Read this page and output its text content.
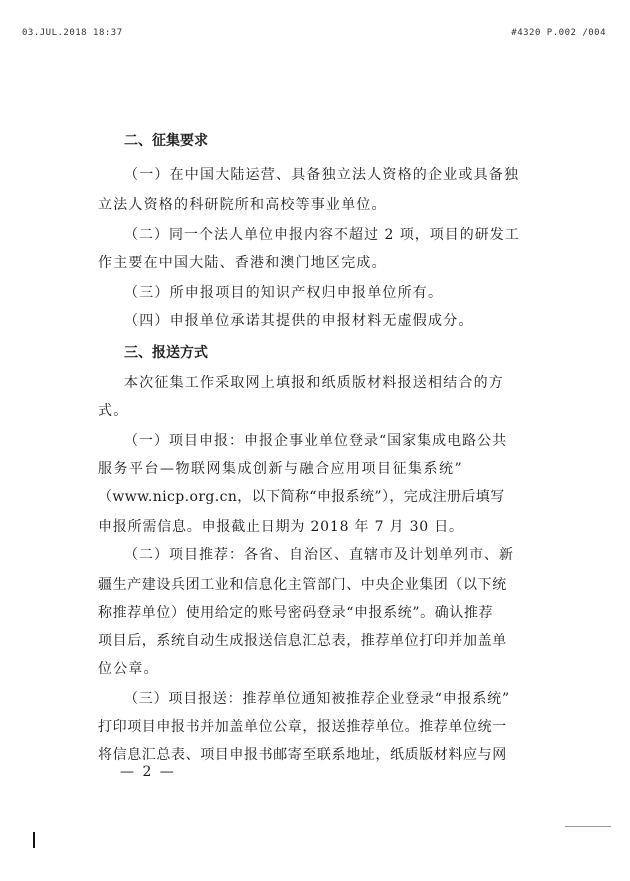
03.JUL.2018 18:37	#4320 P.002 /004
二、征集要求
（一）在中国大陆运营、具备独立法人资格的企业或具备独
立法人资格的科研院所和高校等事业单位。
（二）同一个法人单位申报内容不超过 2 项，项目的研发工
作主要在中国大陆、香港和澳门地区完成。
（三）所申报项目的知识产权归申报单位所有。
（四）申报单位承诺其提供的申报材料无虚假成分。
三、报送方式
本次征集工作采取网上填报和纸质版材料报送相结合的方
式。
（一）项目申报：申报企事业单位登录“国家集成电路公共
服务平台—物联网集成创新与融合应用项目征集系统”
（www.nicp.org.cn，以下简称“申报系统”），完成注册后填写
申报所需信息。申报截止日期为 2018 年 7 月 30 日。
（二）项目推荐：各省、自治区、直辖市及计划单列市、新
疆生产建设兵团工业和信息化主管部门、中央企业集团（以下统
称推荐单位）使用给定的账号密码登录“申报系统”。确认推荐
项目后，系统自动生成报送信息汇总表，推荐单位打印并加盖单
位公章。
（三）项目报送：推荐单位通知被推荐企业登录“申报系统”
打印项目申报书并加盖单位公章，报送推荐单位。推荐单位统一
将信息汇总表、项目申报书邮寄至联系地址，纸质版材料应与网
— 2 —
